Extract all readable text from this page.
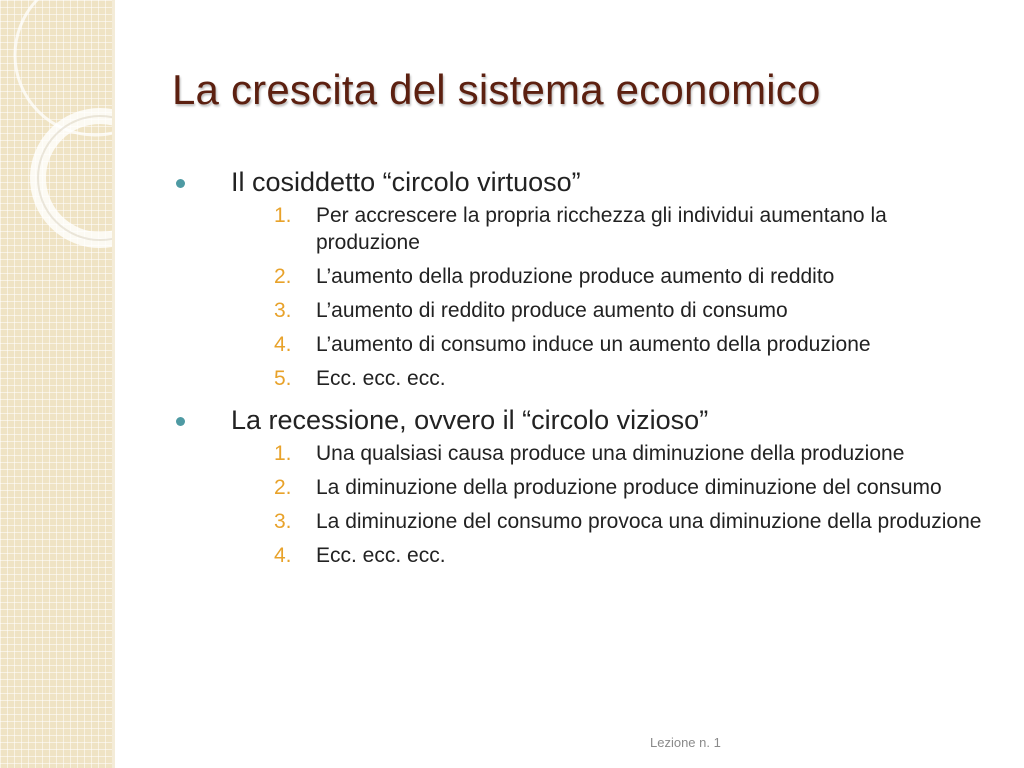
La crescita del sistema economico
Il cosiddetto “circolo virtuoso”
1. Per accrescere la propria ricchezza gli individui aumentano la produzione
2. L’aumento della produzione produce aumento di reddito
3. L’aumento di reddito produce aumento di consumo
4. L’aumento di consumo induce un aumento della produzione
5. Ecc. ecc. ecc.
La recessione, ovvero il “circolo vizioso”
1. Una qualsiasi causa produce una diminuzione della produzione
2. La diminuzione della produzione produce diminuzione del consumo
3. La diminuzione del consumo provoca una diminuzione della produzione
4. Ecc. ecc. ecc.
Lezione n. 1
